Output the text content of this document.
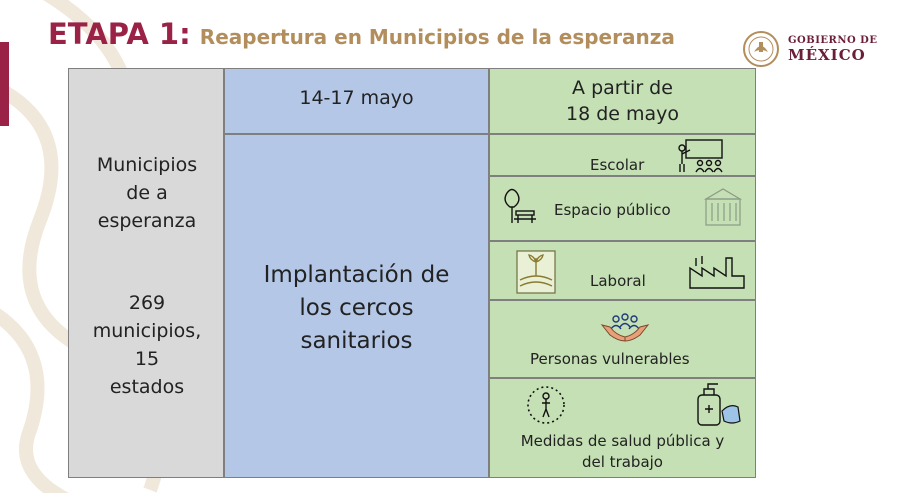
ETAPA 1: Reapertura en Municipios de la esperanza	GOBIERNO DE
MÉXICO
Municipios
de a
esperanza
269
municipios,
15
estados
14-17 mayo
Implantación de
los cercos
sanitarios
A partir de
18 de mayo
Escolar
Espacio público
Laboral
Personas vulnerables
Medidas de salud pública y
del trabajo
